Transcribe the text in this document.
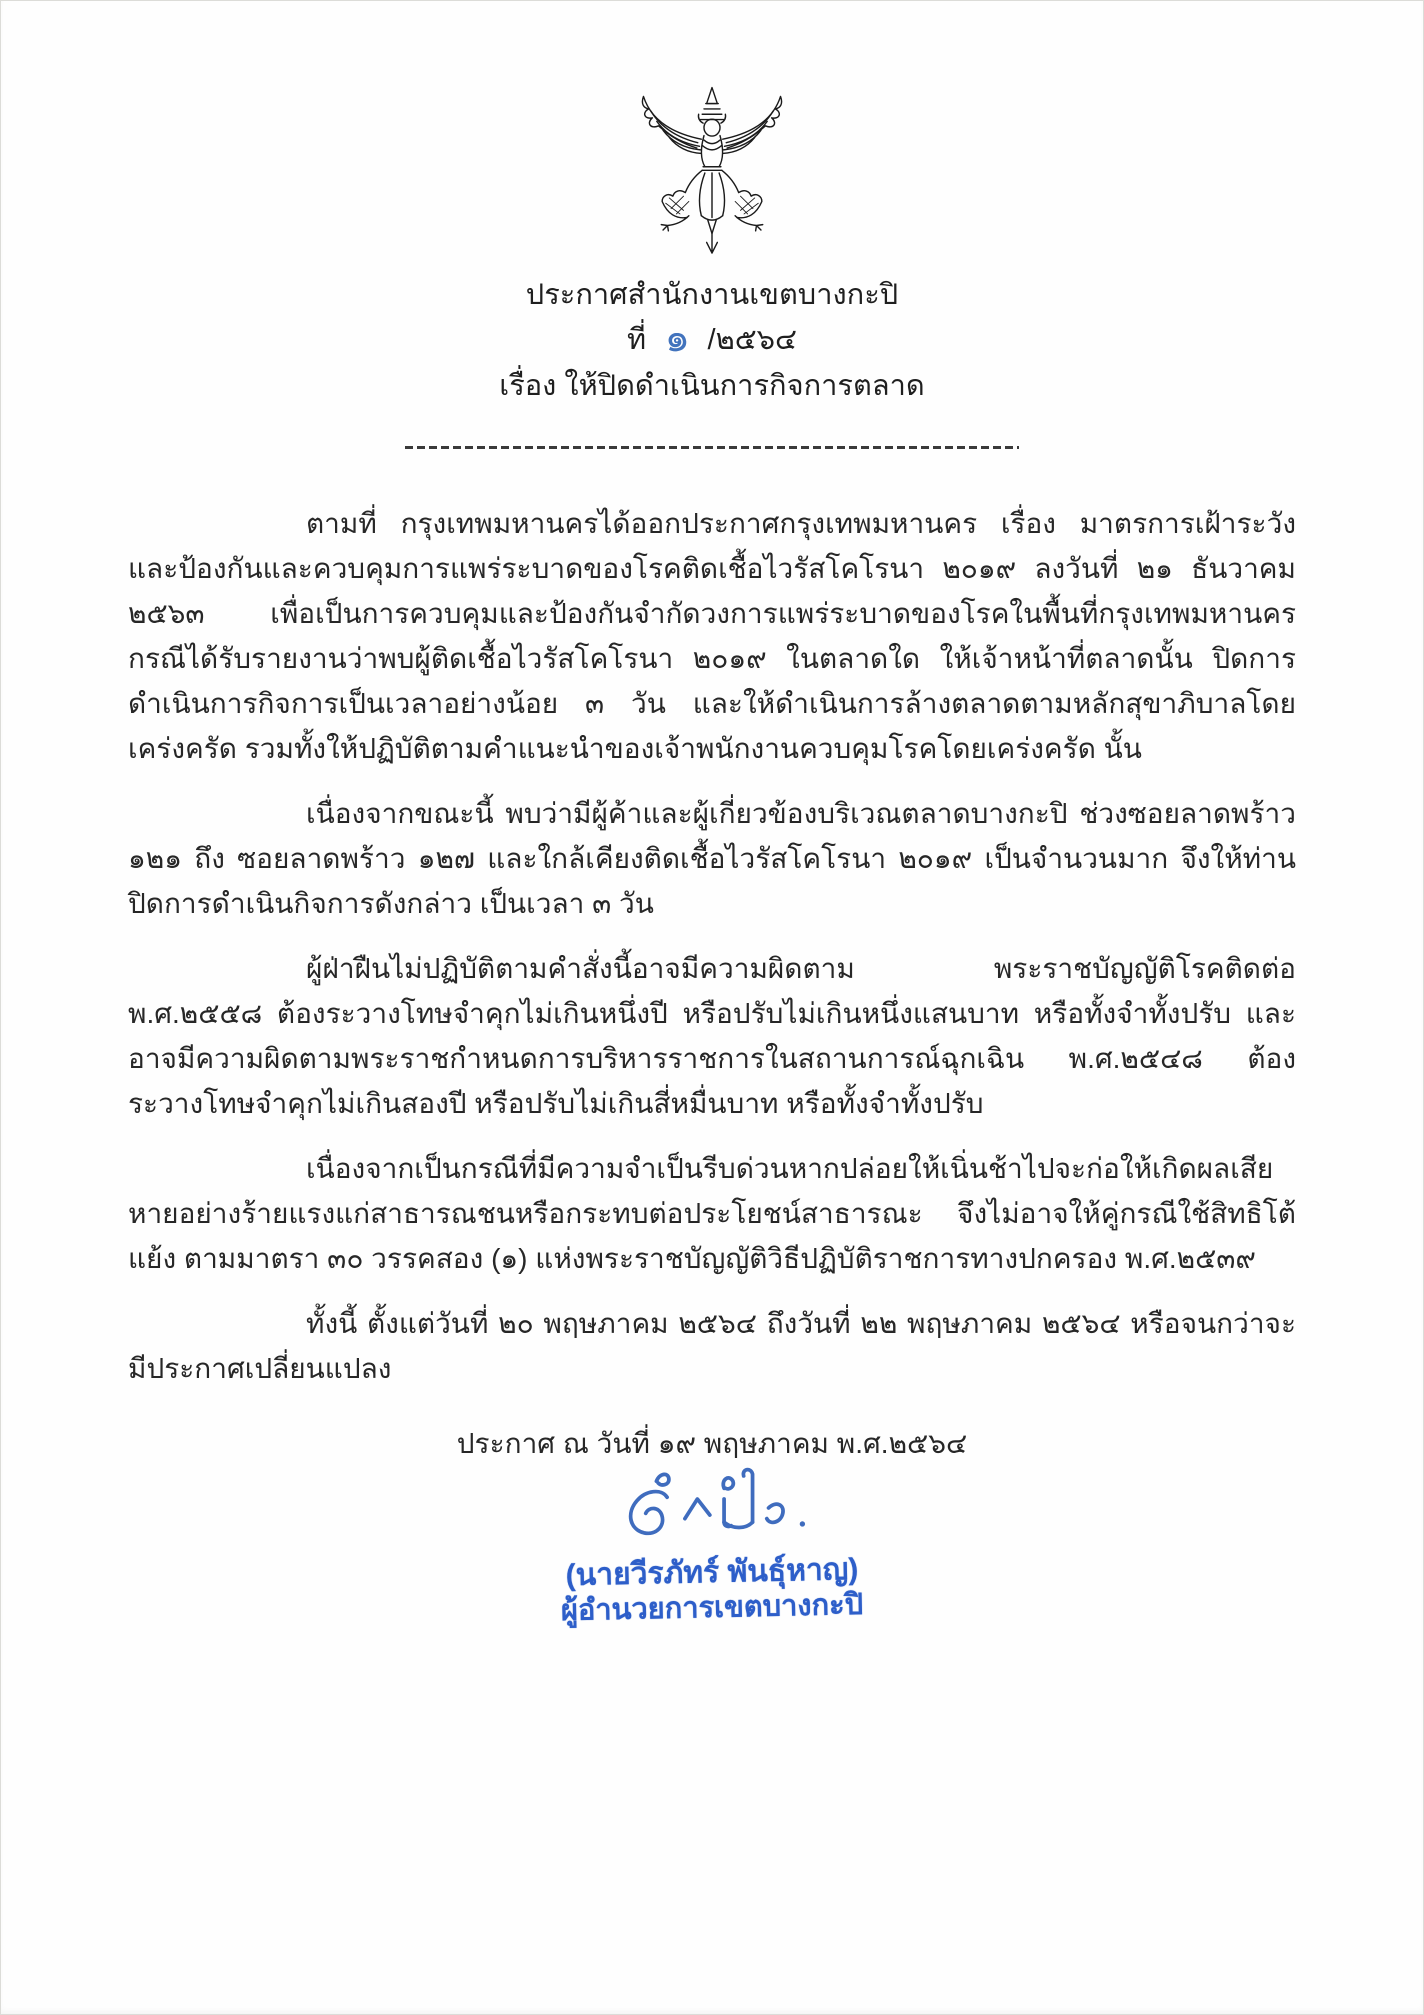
ประกาศสำนักงานเขตบางกะปิ
ที่ ๑ /๒๕๖๔
เรื่อง ให้ปิดดำเนินการกิจการตลาด

ตามที่ กรุงเทพมหานครได้ออกประกาศกรุงเทพมหานคร เรื่อง มาตรการเฝ้าระวังและป้องกันและควบคุมการแพร่ระบาดของโรคติดเชื้อไวรัสโคโรนา ๒๐๑๙ ลงวันที่ ๒๑ ธันวาคม ๒๕๖๓ เพื่อเป็นการควบคุมและป้องกันจำกัดวงการแพร่ระบาดของโรคในพื้นที่กรุงเทพมหานคร กรณีได้รับรายงานว่าพบผู้ติดเชื้อไวรัสโคโรนา ๒๐๑๙ ในตลาดใด ให้เจ้าหน้าที่ตลาดนั้น ปิดการดำเนินการกิจการเป็นเวลาอย่างน้อย ๓ วัน และให้ดำเนินการล้างตลาดตามหลักสุขาภิบาลโดยเคร่งครัด รวมทั้งให้ปฏิบัติตามคำแนะนำของเจ้าพนักงานควบคุมโรคโดยเคร่งครัด นั้น

เนื่องจากขณะนี้ พบว่ามีผู้ค้าและผู้เกี่ยวข้องบริเวณตลาดบางกะปิ ช่วงซอยลาดพร้าว ๑๒๑ ถึง ซอยลาดพร้าว ๑๒๗ และใกล้เคียงติดเชื้อไวรัสโคโรนา ๒๐๑๙ เป็นจำนวนมาก จึงให้ท่านปิดการดำเนินกิจการดังกล่าว เป็นเวลา ๓ วัน

ผู้ฝ่าฝืนไม่ปฏิบัติตามคำสั่งนี้อาจมีความผิดตาม พระราชบัญญัติโรคติดต่อ พ.ศ.๒๕๕๘ ต้องระวางโทษจำคุกไม่เกินหนึ่งปี หรือปรับไม่เกินหนึ่งแสนบาท หรือทั้งจำทั้งปรับ และอาจมีความผิดตามพระราชกำหนดการบริหารราชการในสถานการณ์ฉุกเฉิน พ.ศ.๒๕๔๘ ต้องระวางโทษจำคุกไม่เกินสองปี หรือปรับไม่เกินสี่หมื่นบาท หรือทั้งจำทั้งปรับ

เนื่องจากเป็นกรณีที่มีความจำเป็นรีบด่วนหากปล่อยให้เนิ่นช้าไปจะก่อให้เกิดผลเสียหายอย่างร้ายแรงแก่สาธารณชนหรือกระทบต่อประโยชน์สาธารณะ จึงไม่อาจให้คู่กรณีใช้สิทธิโต้แย้ง ตามมาตรา ๓๐ วรรคสอง (๑) แห่งพระราชบัญญัติวิธีปฏิบัติราชการทางปกครอง พ.ศ.๒๕๓๙

ทั้งนี้ ตั้งแต่วันที่ ๒๐ พฤษภาคม ๒๕๖๔ ถึงวันที่ ๒๒ พฤษภาคม ๒๕๖๔ หรือจนกว่าจะมีประกาศเปลี่ยนแปลง

ประกาศ ณ วันที่ ๑๙ พฤษภาคม พ.ศ.๒๕๖๔
(นายวีรภัทร์ พันธุ์หาญ)
ผู้อำนวยการเขตบางกะปิ
